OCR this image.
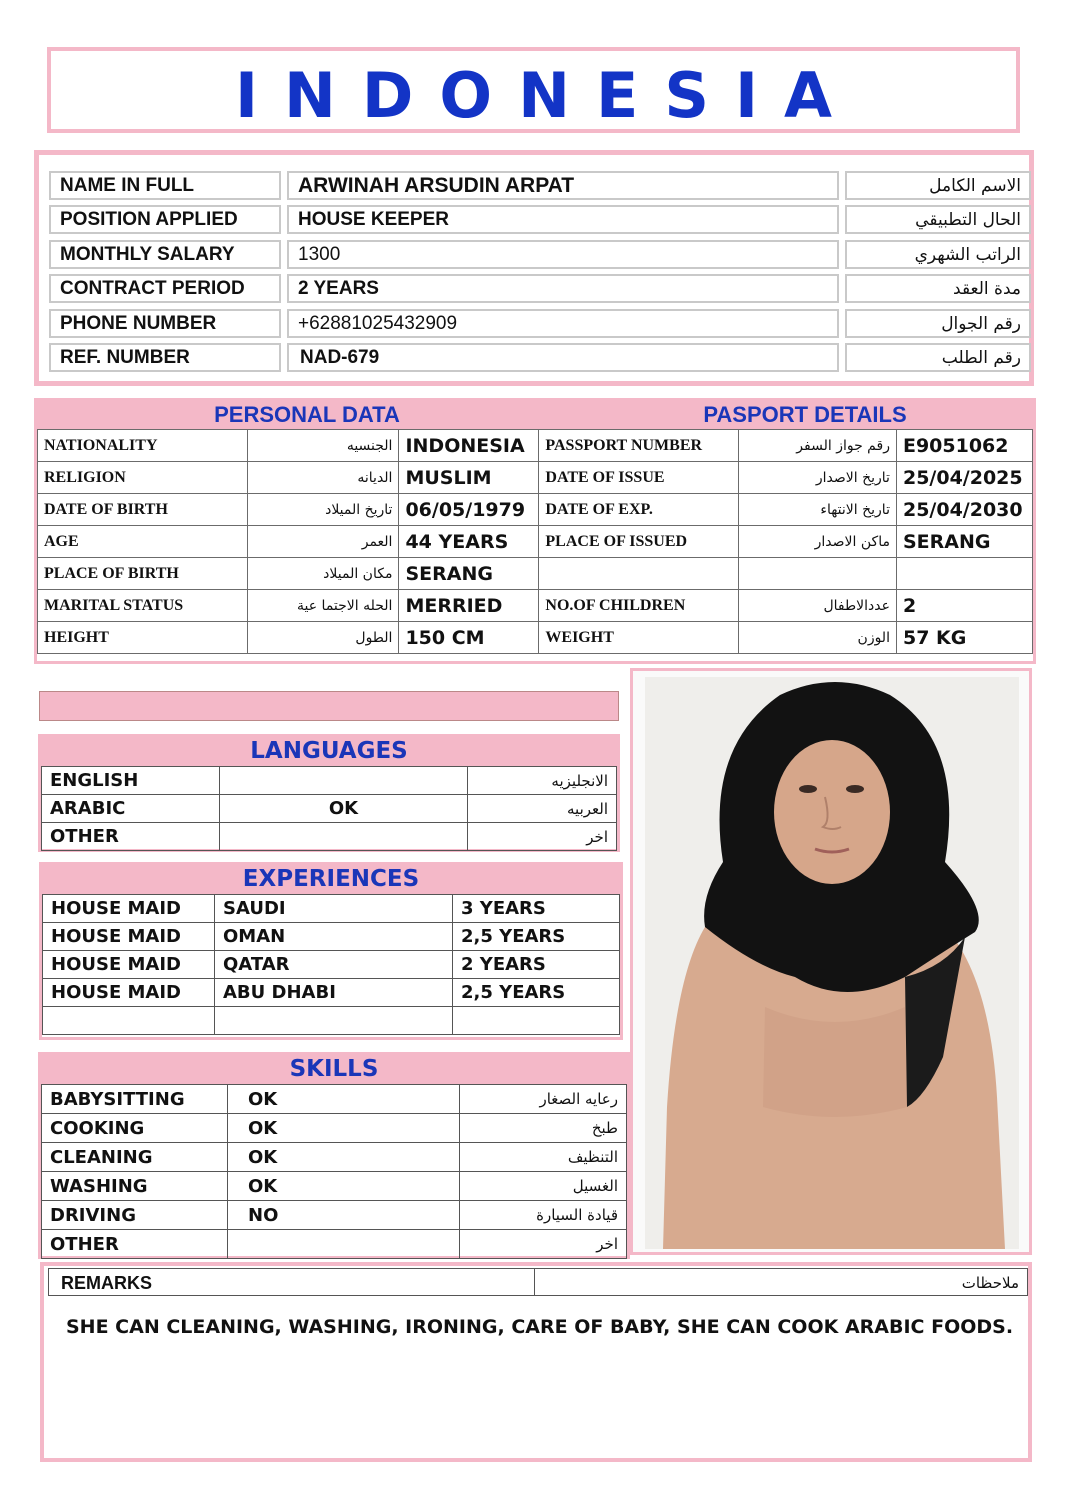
INDONESIA
NAME IN FULL	ARWINAH ARSUDIN ARPAT	الاسم الكامل
POSITION APPLIED	HOUSE KEEPER	الحال التطبيقي
MONTHLY SALARY	1300	الراتب الشهري
CONTRACT PERIOD	2 YEARS	مدة العقد
PHONE NUMBER	+62881025432909	رقم الجوال
REF. NUMBER	NAD-679	رقم الطلب
PERSONAL DATA	PASPORT DETAILS
NATIONALITY	الجنسيه	INDONESIA	PASSPORT NUMBER	رقم جواز السفر	E9051062
RELIGION	الديانه	MUSLIM	DATE OF ISSUE	تاريخ الاصدار	25/04/2025
DATE OF BIRTH	تاريخ الميلاد	06/05/1979	DATE OF EXP.	تاريخ الانتهاء	25/04/2030
AGE	العمر	44 YEARS	PLACE OF ISSUED	ماكن الاصدار	SERANG
PLACE OF BIRTH	مكان الميلاد	SERANG			
MARITAL STATUS	الحله الاجتما عية	MERRIED	NO.OF CHILDREN	عددالاطفال	2
HEIGHT	الطول	150 CM	WEIGHT	الوزن	57 KG
LANGUAGES
ENGLISH		الانجليزيه
ARABIC	OK	العربيه
OTHER		اخر
EXPERIENCES
HOUSE MAID	SAUDI	3 YEARS
HOUSE MAID	OMAN	2,5 YEARS
HOUSE MAID	QATAR	2 YEARS
HOUSE MAID	ABU DHABI	2,5 YEARS

SKILLS
BABYSITTING	OK	رعايه الصغار
COOKING	OK	طبخ
CLEANING	OK	التنظيف
WASHING	OK	الغسيل
DRIVING	NO	قيادة السيارة
OTHER		اخر
REMARKS	ملاحظات
SHE CAN CLEANING, WASHING, IRONING, CARE OF BABY, SHE CAN COOK ARABIC FOODS.
